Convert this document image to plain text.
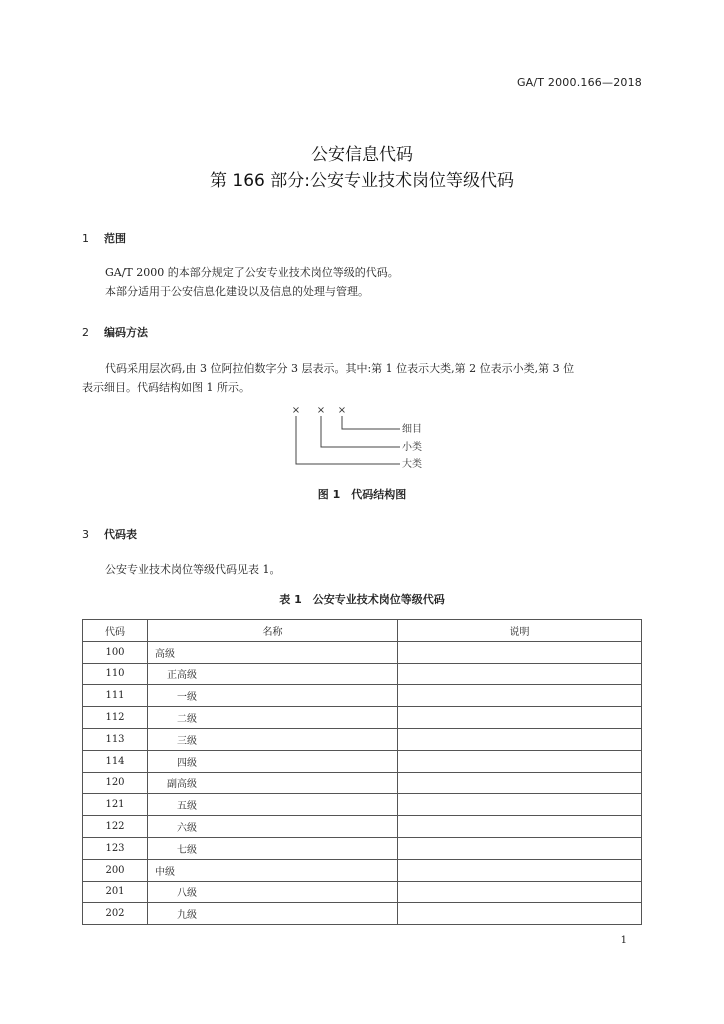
GA/T 2000.166—2018
公安信息代码
第 166 部分:公安专业技术岗位等级代码
1 范围
GA/T 2000 的本部分规定了公安专业技术岗位等级的代码。
本部分适用于公安信息化建设以及信息的处理与管理。
2 编码方法
代码采用层次码,由 3 位阿拉伯数字分 3 层表示。其中:第 1 位表示大类,第 2 位表示小类,第 3 位
表示细目。代码结构如图 1 所示。
× × ×
细目
小类
大类
图 1　代码结构图
3 代码表
公安专业技术岗位等级代码见表 1。
表 1　公安专业技术岗位等级代码
代码	名称	说明
100	高级	
110	正高级	
111	一级	
112	二级	
113	三级	
114	四级	
120	副高级	
121	五级	
122	六级	
123	七级	
200	中级	
201	八级	
202	九级	
1
